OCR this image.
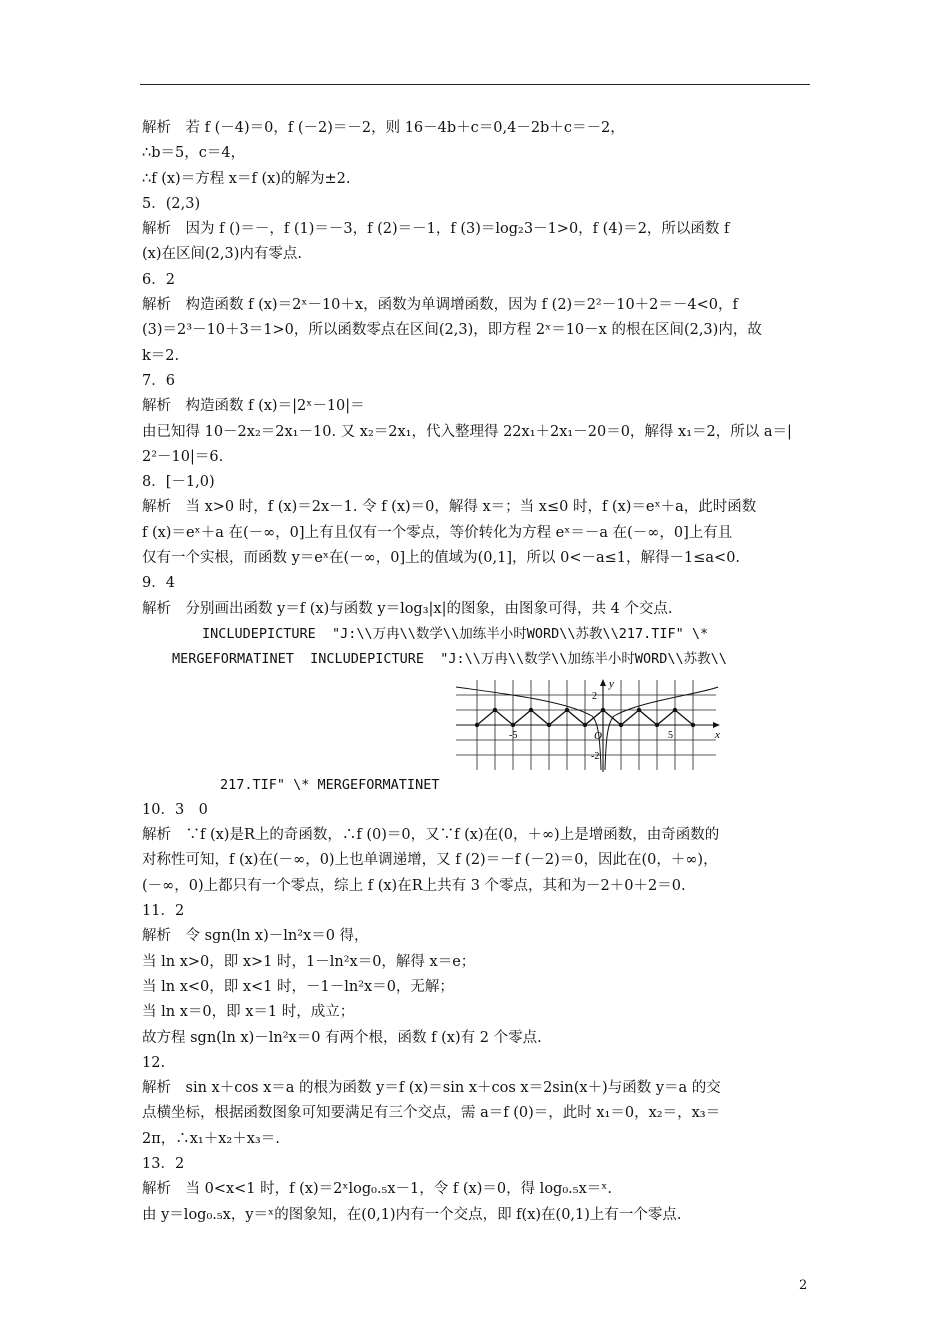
解析　若 f (－4)＝0，f (－2)＝－2，则 16－4b＋c＝0,4－2b＋c＝－2，
∴b＝5，c＝4，
∴f (x)＝方程 x＝f (x)的解为±2.
5．(2,3)
解析　因为 f ()＝－，f (1)＝－3，f (2)＝－1，f (3)＝log₂3－1>0，f (4)＝2，所以函数 f
(x)在区间(2,3)内有零点.
6．2
解析　构造函数 f (x)＝2ˣ－10＋x，函数为单调增函数，因为 f (2)＝2²－10＋2＝－4<0，f
(3)＝2³－10＋3＝1>0，所以函数零点在区间(2,3)，即方程 2ˣ＝10－x 的根在区间(2,3)内，故
k＝2.
7．6
解析　构造函数 f (x)＝|2ˣ－10|＝
由已知得 10－2x₂＝2x₁－10. 又 x₂＝2x₁，代入整理得 22x₁＋2x₁－20＝0，解得 x₁＝2，所以 a＝|
2²－10|＝6.
8．[－1,0)
解析　当 x>0 时，f (x)＝2x－1. 令 f (x)＝0，解得 x＝；当 x≤0 时，f (x)＝eˣ＋a，此时函数
f (x)＝eˣ＋a 在(－∞，0]上有且仅有一个零点，等价转化为方程 eˣ＝－a 在(－∞，0]上有且
仅有一个实根，而函数 y＝eˣ在(－∞，0]上的值域为(0,1]，所以 0<－a≤1，解得－1≤a<0.
9．4
解析　分别画出函数 y＝f (x)与函数 y＝log₃|x|的图象，由图象可得，共 4 个交点.
INCLUDEPICTURE  "J:\\万冉\\数学\\加练半小时WORD\\苏教\\217.TIF" \*
MERGEFORMATINET  INCLUDEPICTURE  "J:\\万冉\\数学\\加练半小时WORD\\苏教\\
y
x
O
-5	5
2
-2
217.TIF" \* MERGEFORMATINET
10．3　0
解析　∵f (x)是R上的奇函数，∴f (0)＝0，又∵f (x)在(0，＋∞)上是增函数，由奇函数的
对称性可知，f (x)在(－∞，0)上也单调递增，又 f (2)＝－f (－2)＝0，因此在(0，＋∞)，
(－∞，0)上都只有一个零点，综上 f (x)在R上共有 3 个零点，其和为－2＋0＋2＝0.
11．2
解析　令 sgn(ln x)－ln²x＝0 得，
当 ln x>0，即 x>1 时，1－ln²x＝0，解得 x＝e；
当 ln x<0，即 x<1 时，－1－ln²x＝0，无解；
当 ln x＝0，即 x＝1 时，成立；
故方程 sgn(ln x)－ln²x＝0 有两个根，函数 f (x)有 2 个零点.
12.
解析　sin x＋cos x＝a 的根为函数 y＝f (x)＝sin x＋cos x＝2sin(x＋)与函数 y＝a 的交
点横坐标，根据函数图象可知要满足有三个交点，需 a＝f (0)＝，此时 x₁＝0，x₂＝，x₃＝
2π，∴x₁＋x₂＋x₃＝.
13．2
解析　当 0<x<1 时，f (x)＝2ˣlog₀.₅x－1，令 f (x)＝0，得 log₀.₅x＝ˣ.
由 y＝log₀.₅x，y＝ˣ的图象知，在(0,1)内有一个交点，即 f(x)在(0,1)上有一个零点.
2
